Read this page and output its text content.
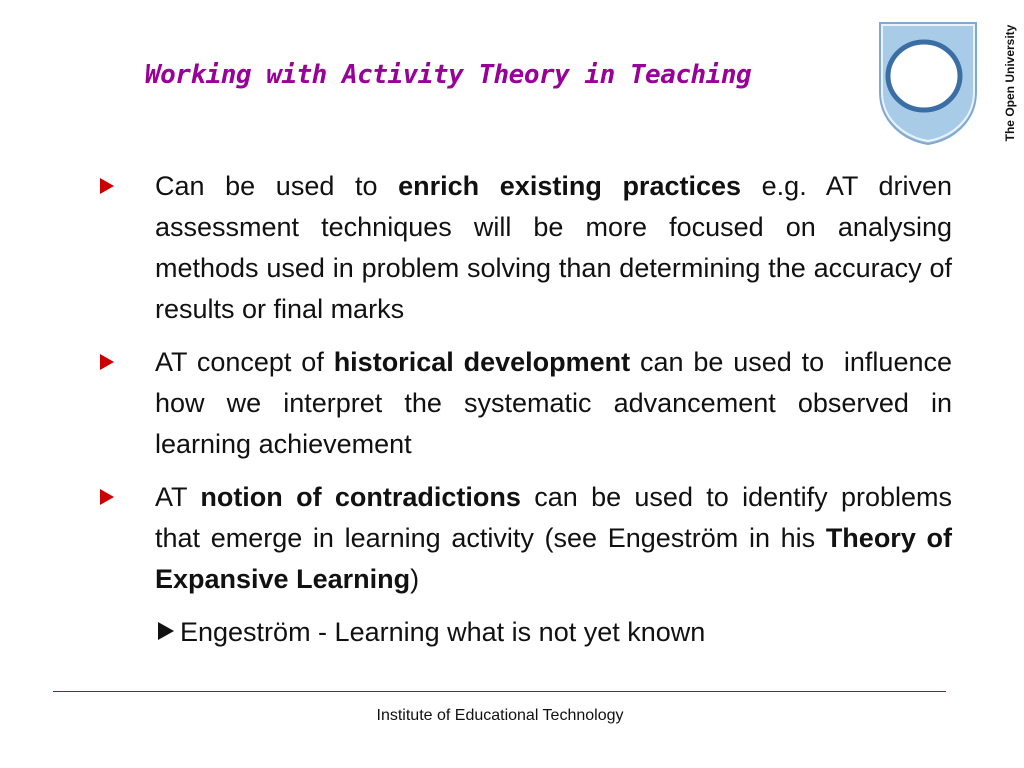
Working with Activity Theory in Teaching	The Open University
Can be used to enrich existing practices e.g. AT driven assessment techniques will be more focused on analysing methods used in problem solving than determining the accuracy of results or final marks
AT concept of historical development can be used to  influence how we interpret the systematic advancement observed in learning achievement
AT notion of contradictions can be used to identify problems that emerge in learning activity (see Engeström in his Theory of Expansive Learning)
Engeström - Learning what is not yet known
Institute of Educational Technology
